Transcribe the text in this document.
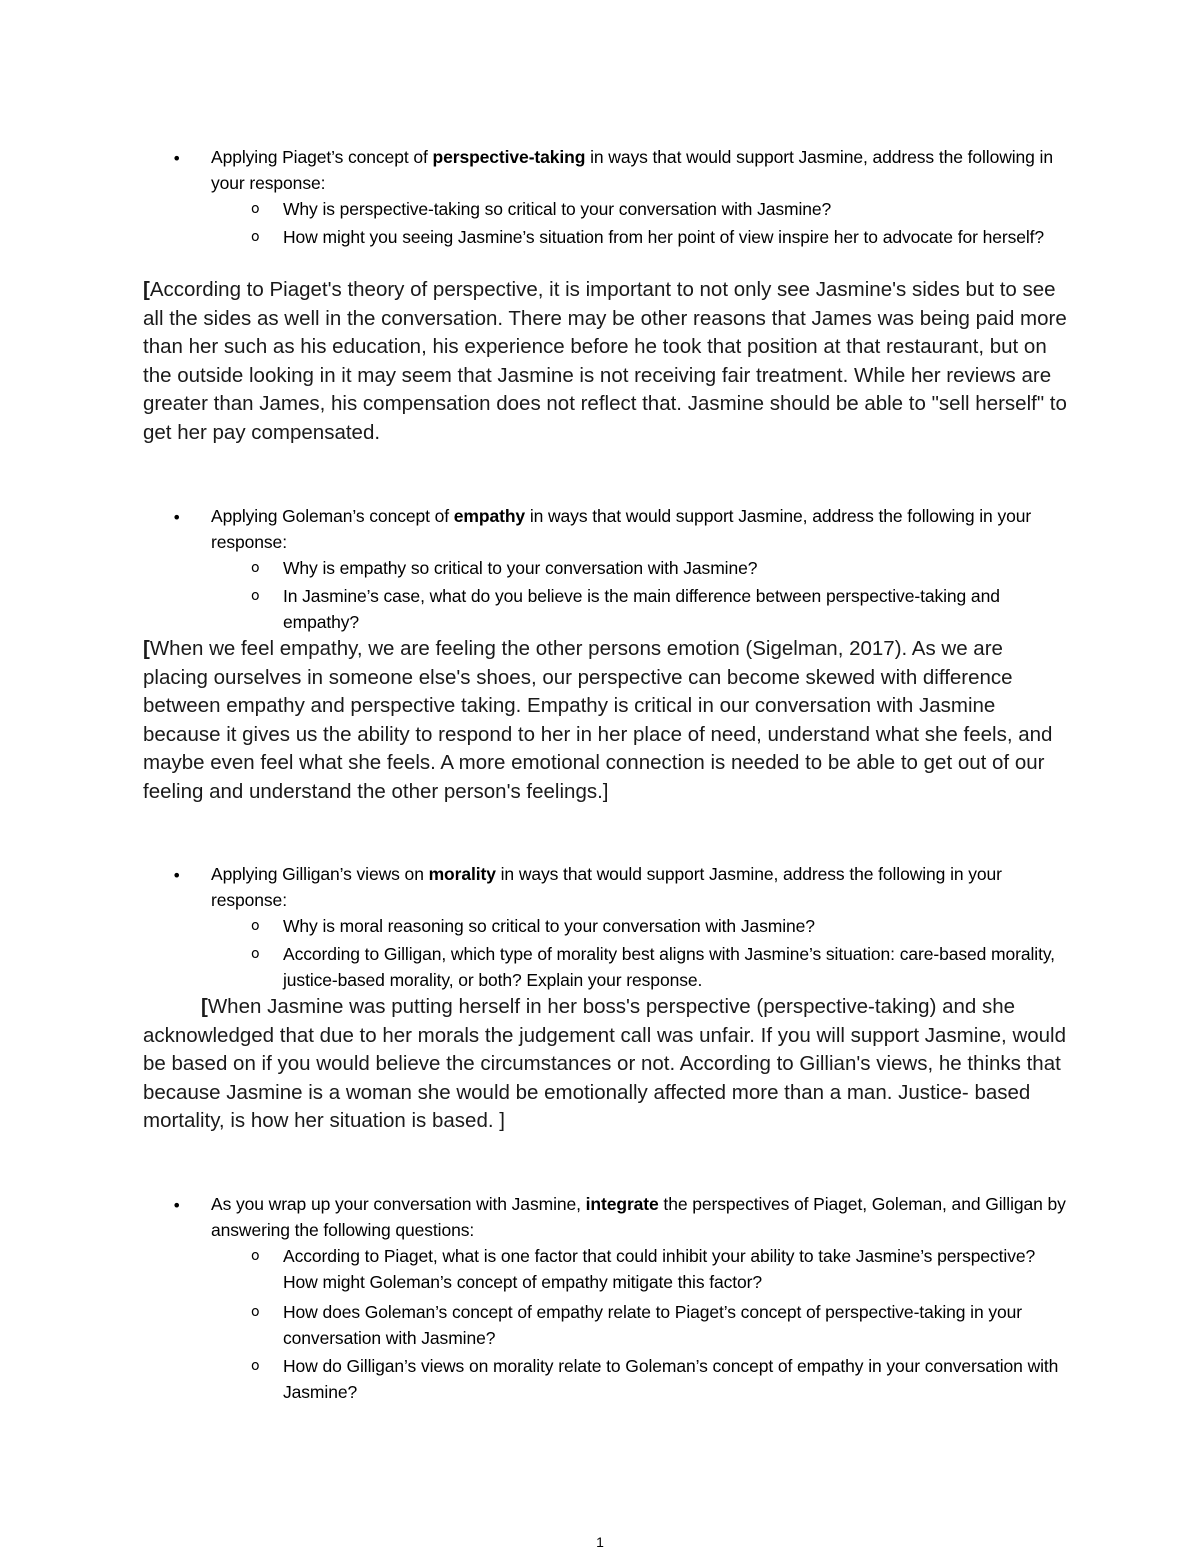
• Applying Piaget’s concept of perspective-taking in ways that would support Jasmine, address the following in your response:
o	Why is perspective-taking so critical to your conversation with Jasmine?
o	How might you seeing Jasmine’s situation from her point of view inspire her to advocate for herself?
[According to Piaget's theory of perspective, it is important to not only see Jasmine's sides but to see all the sides as well in the conversation. There may be other reasons that James was being paid more than her such as his education, his experience before he took that position at that restaurant, but on the outside looking in it may seem that Jasmine is not receiving fair treatment. While her reviews are greater than James, his compensation does not reflect that. Jasmine should be able to "sell herself" to get her pay compensated.
• Applying Goleman’s concept of empathy in ways that would support Jasmine, address the following in your response:
o	Why is empathy so critical to your conversation with Jasmine?
o	In Jasmine’s case, what do you believe is the main difference between perspective-taking and empathy?
[When we feel empathy, we are feeling the other persons emotion (Sigelman, 2017). As we are placing ourselves in someone else's shoes, our perspective can become skewed with difference between empathy and perspective taking. Empathy is critical in our conversation with Jasmine because it gives us the ability to respond to her in her place of need, understand what she feels, and maybe even feel what she feels. A more emotional connection is needed to be able to get out of our feeling and understand the other person's feelings.]
• Applying Gilligan’s views on morality in ways that would support Jasmine, address the following in your response:
o	Why is moral reasoning so critical to your conversation with Jasmine?
o	According to Gilligan, which type of morality best aligns with Jasmine’s situation: care-based morality, justice-based morality, or both? Explain your response.
[When Jasmine was putting herself in her boss's perspective (perspective-taking) and she acknowledged that due to her morals the judgement call was unfair. If you will support Jasmine, would be based on if you would believe the circumstances or not. According to Gillian's views, he thinks that because Jasmine is a woman she would be emotionally affected more than a man. Justice- based mortality, is how her situation is based. ]
• As you wrap up your conversation with Jasmine, integrate the perspectives of Piaget, Goleman, and Gilligan by answering the following questions:
o	According to Piaget, what is one factor that could inhibit your ability to take Jasmine’s perspective? How might Goleman’s concept of empathy mitigate this factor?
o	How does Goleman’s concept of empathy relate to Piaget’s concept of perspective-taking in your conversation with Jasmine?
o	How do Gilligan’s views on morality relate to Goleman’s concept of empathy in your conversation with Jasmine?
1
